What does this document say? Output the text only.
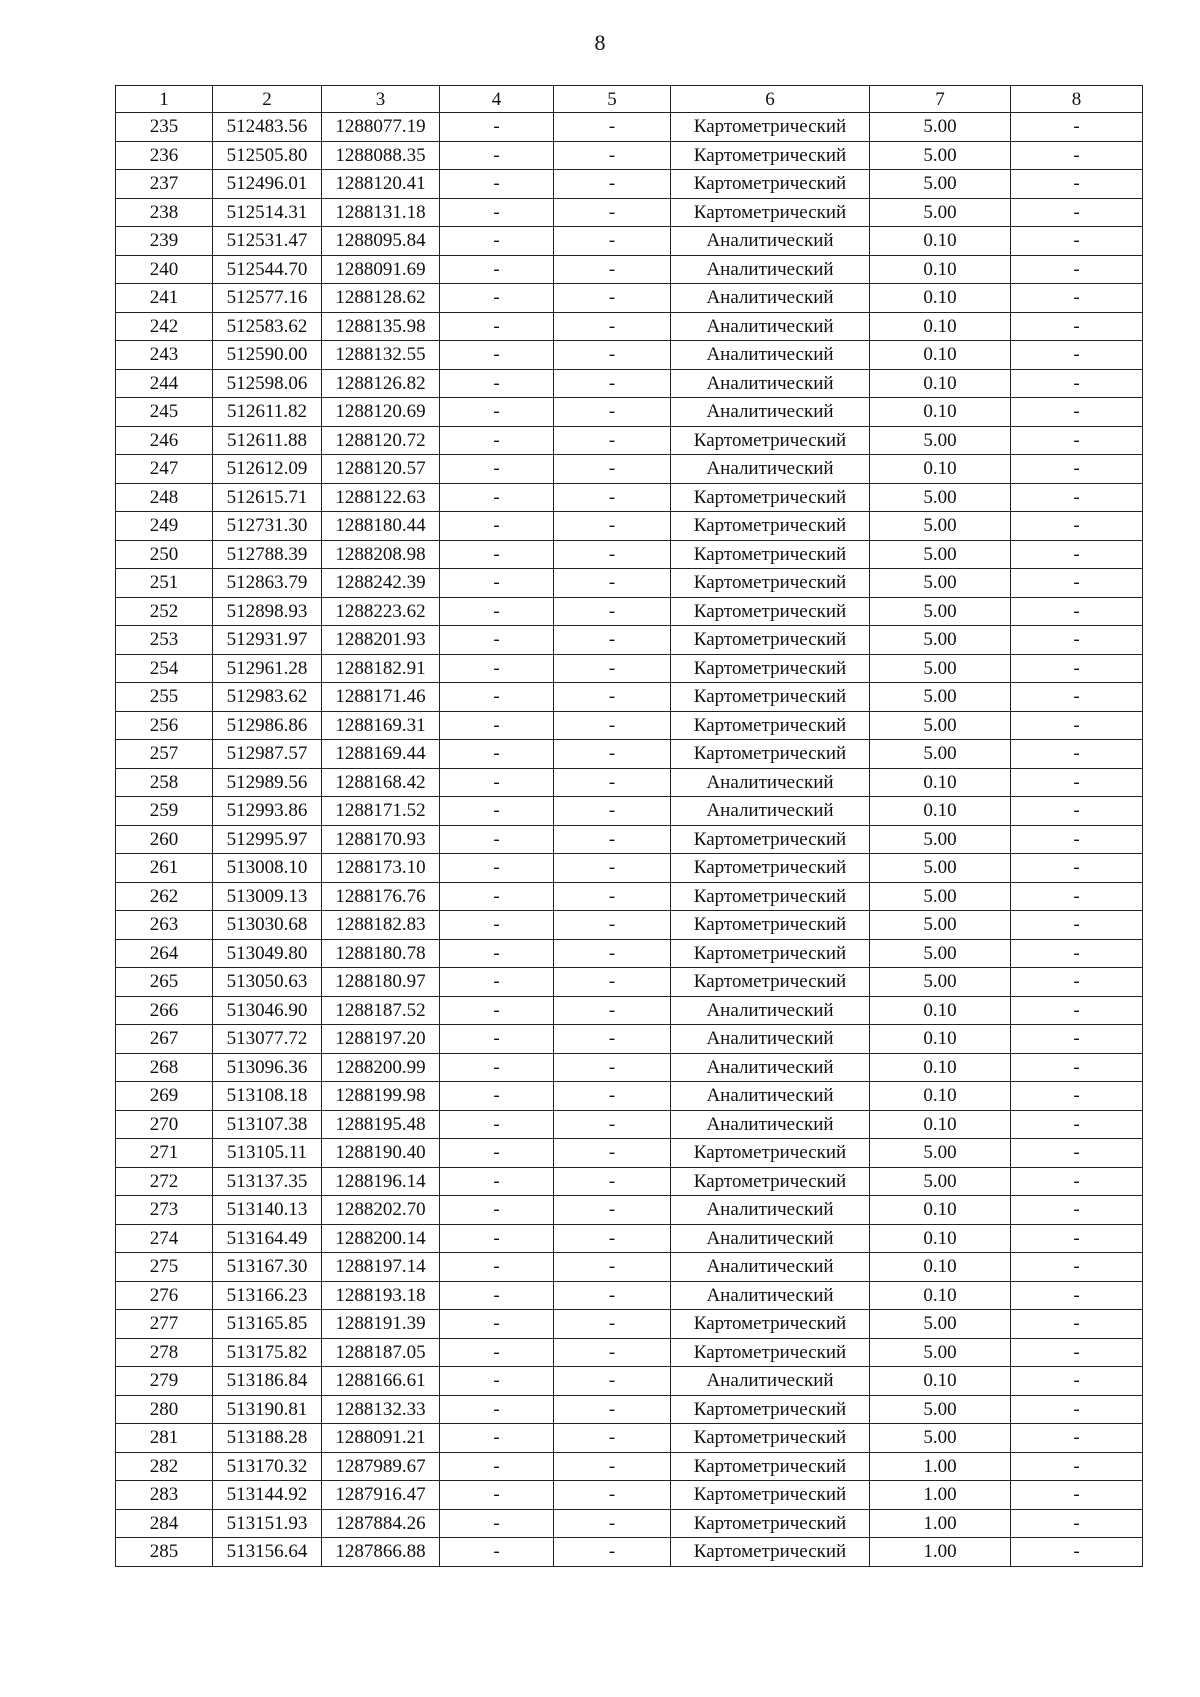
8
1	2	3	4	5	6	7	8
235	512483.56	1288077.19	-	-	Картометрический	5.00	-
236	512505.80	1288088.35	-	-	Картометрический	5.00	-
237	512496.01	1288120.41	-	-	Картометрический	5.00	-
238	512514.31	1288131.18	-	-	Картометрический	5.00	-
239	512531.47	1288095.84	-	-	Аналитический	0.10	-
240	512544.70	1288091.69	-	-	Аналитический	0.10	-
241	512577.16	1288128.62	-	-	Аналитический	0.10	-
242	512583.62	1288135.98	-	-	Аналитический	0.10	-
243	512590.00	1288132.55	-	-	Аналитический	0.10	-
244	512598.06	1288126.82	-	-	Аналитический	0.10	-
245	512611.82	1288120.69	-	-	Аналитический	0.10	-
246	512611.88	1288120.72	-	-	Картометрический	5.00	-
247	512612.09	1288120.57	-	-	Аналитический	0.10	-
248	512615.71	1288122.63	-	-	Картометрический	5.00	-
249	512731.30	1288180.44	-	-	Картометрический	5.00	-
250	512788.39	1288208.98	-	-	Картометрический	5.00	-
251	512863.79	1288242.39	-	-	Картометрический	5.00	-
252	512898.93	1288223.62	-	-	Картометрический	5.00	-
253	512931.97	1288201.93	-	-	Картометрический	5.00	-
254	512961.28	1288182.91	-	-	Картометрический	5.00	-
255	512983.62	1288171.46	-	-	Картометрический	5.00	-
256	512986.86	1288169.31	-	-	Картометрический	5.00	-
257	512987.57	1288169.44	-	-	Картометрический	5.00	-
258	512989.56	1288168.42	-	-	Аналитический	0.10	-
259	512993.86	1288171.52	-	-	Аналитический	0.10	-
260	512995.97	1288170.93	-	-	Картометрический	5.00	-
261	513008.10	1288173.10	-	-	Картометрический	5.00	-
262	513009.13	1288176.76	-	-	Картометрический	5.00	-
263	513030.68	1288182.83	-	-	Картометрический	5.00	-
264	513049.80	1288180.78	-	-	Картометрический	5.00	-
265	513050.63	1288180.97	-	-	Картометрический	5.00	-
266	513046.90	1288187.52	-	-	Аналитический	0.10	-
267	513077.72	1288197.20	-	-	Аналитический	0.10	-
268	513096.36	1288200.99	-	-	Аналитический	0.10	-
269	513108.18	1288199.98	-	-	Аналитический	0.10	-
270	513107.38	1288195.48	-	-	Аналитический	0.10	-
271	513105.11	1288190.40	-	-	Картометрический	5.00	-
272	513137.35	1288196.14	-	-	Картометрический	5.00	-
273	513140.13	1288202.70	-	-	Аналитический	0.10	-
274	513164.49	1288200.14	-	-	Аналитический	0.10	-
275	513167.30	1288197.14	-	-	Аналитический	0.10	-
276	513166.23	1288193.18	-	-	Аналитический	0.10	-
277	513165.85	1288191.39	-	-	Картометрический	5.00	-
278	513175.82	1288187.05	-	-	Картометрический	5.00	-
279	513186.84	1288166.61	-	-	Аналитический	0.10	-
280	513190.81	1288132.33	-	-	Картометрический	5.00	-
281	513188.28	1288091.21	-	-	Картометрический	5.00	-
282	513170.32	1287989.67	-	-	Картометрический	1.00	-
283	513144.92	1287916.47	-	-	Картометрический	1.00	-
284	513151.93	1287884.26	-	-	Картометрический	1.00	-
285	513156.64	1287866.88	-	-	Картометрический	1.00	-
